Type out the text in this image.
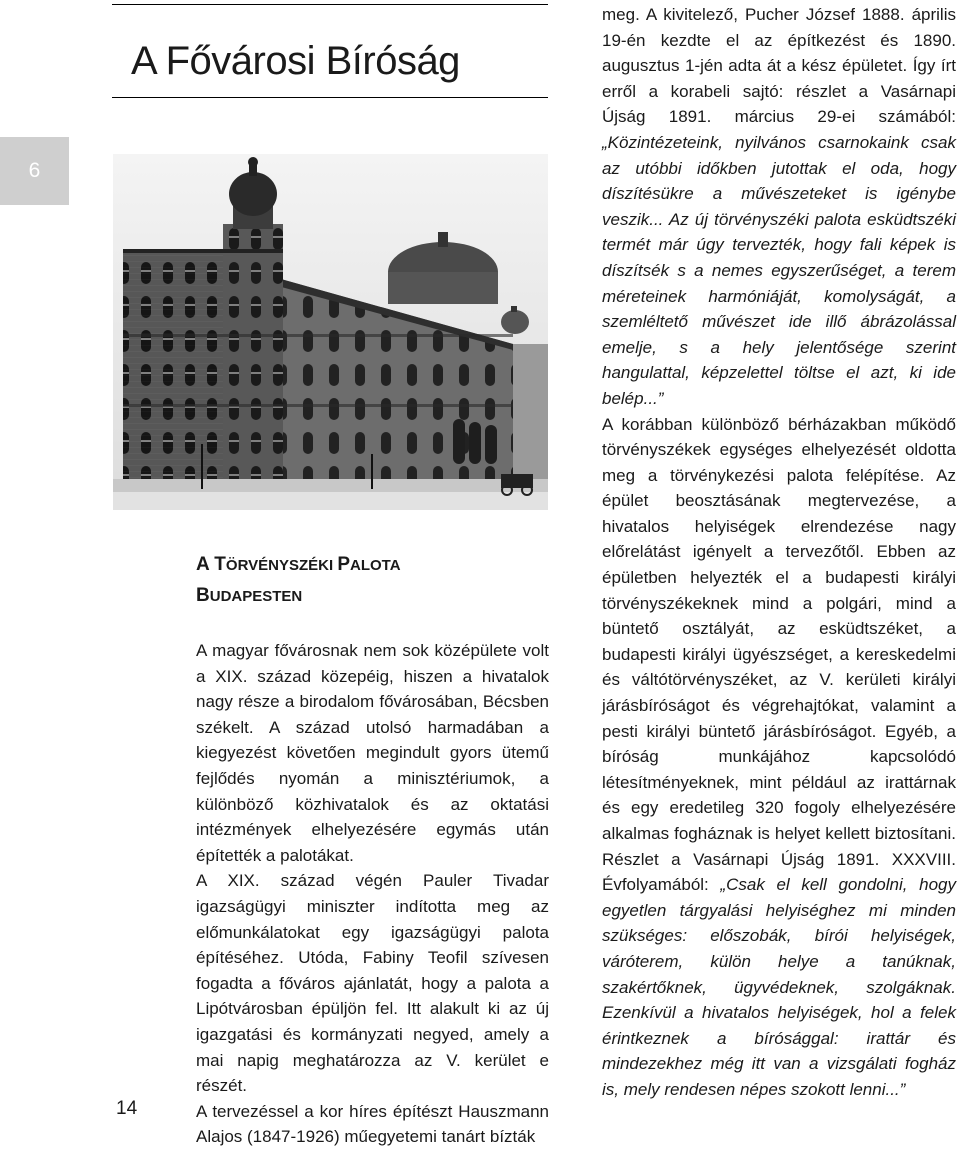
6
A Fővárosi Bíróság
A TÖRVÉNYSZÉKI PALOTA
BUDAPESTEN

A magyar fővárosnak nem sok középülete volt a XIX. század közepéig, hiszen a hivatalok nagy része a birodalom fővárosában, Bécsben székelt. A század utolsó harmadában a kiegyezést követően megindult gyors ütemű fejlődés nyomán a minisztériumok, a különböző közhivatalok és az oktatási intézmények elhelyezésére egymás után építették a palotákat.

A XIX. század végén Pauler Tivadar igazságügyi miniszter indította meg az előmunkálatokat egy igazságügyi palota építéséhez. Utóda, Fabiny Teofil szívesen fogadta a főváros ajánlatát, hogy a palota a Lipótvárosban épüljön fel. Itt alakult ki az új igazgatási és kormányzati negyed, amely a mai napig meghatározza az V. kerület e részét.

A tervezéssel a kor híres építészt Hauszmann Alajos (1847-1926) műegyetemi tanárt bízták

meg. A kivitelező, Pucher József 1888. április 19-én kezdte el az építkezést és 1890. augusztus 1-jén adta át a kész épületet. Így írt erről a korabeli sajtó: részlet a Vasárnapi Újság 1891. március 29-ei számából: „Közintézeteink, nyilvános csarnokaink csak az utóbbi időkben jutottak el oda, hogy díszítésükre a művészeteket is igénybe veszik... Az új törvényszéki palota esküdtszéki termét már úgy tervezték, hogy fali képek is díszítsék s a nemes egyszerűséget, a terem méreteinek harmóniáját, komolyságát, a szemléltető művészet ide illő ábrázolással emelje, s a hely jelentősége szerint hangulattal, képzelettel töltse el azt, ki ide belép...”

A korábban különböző bérházakban működő törvényszékek egységes elhelyezését oldotta meg a törvénykezési palota felépítése. Az épület beosztásának megtervezése, a hivatalos helyiségek elrendezése nagy előrelátást igényelt a tervezőtől. Ebben az épületben helyezték el a budapesti királyi törvényszékeknek mind a polgári, mind a büntető osztályát, az esküdtszéket, a budapesti királyi ügyészséget, a kereskedelmi és váltótörvényszéket, az V. kerületi királyi járásbíróságot és végrehajtókat, valamint a pesti királyi büntető járásbíróságot. Egyéb, a bíróság munkájához kapcsolódó létesítményeknek, mint például az irattárnak és egy eredetileg 320 fogoly elhelyezésére alkalmas fogháznak is helyet kellett biztosítani. Részlet a Vasárnapi Újság 1891. XXXVIII. Évfolyamából: „Csak el kell gondolni, hogy egyetlen tárgyalási helyiséghez mi minden szükséges: előszobák, bírói helyiségek, váróterem, külön helye a tanúknak, szakértőknek, ügyvédeknek, szolgáknak. Ezenkívül a hivatalos helyiségek, hol a felek érintkeznek a bírósággal: irattár és mindezekhez még itt van a vizsgálati fogház is, mely rendesen népes szokott lenni...”

14
